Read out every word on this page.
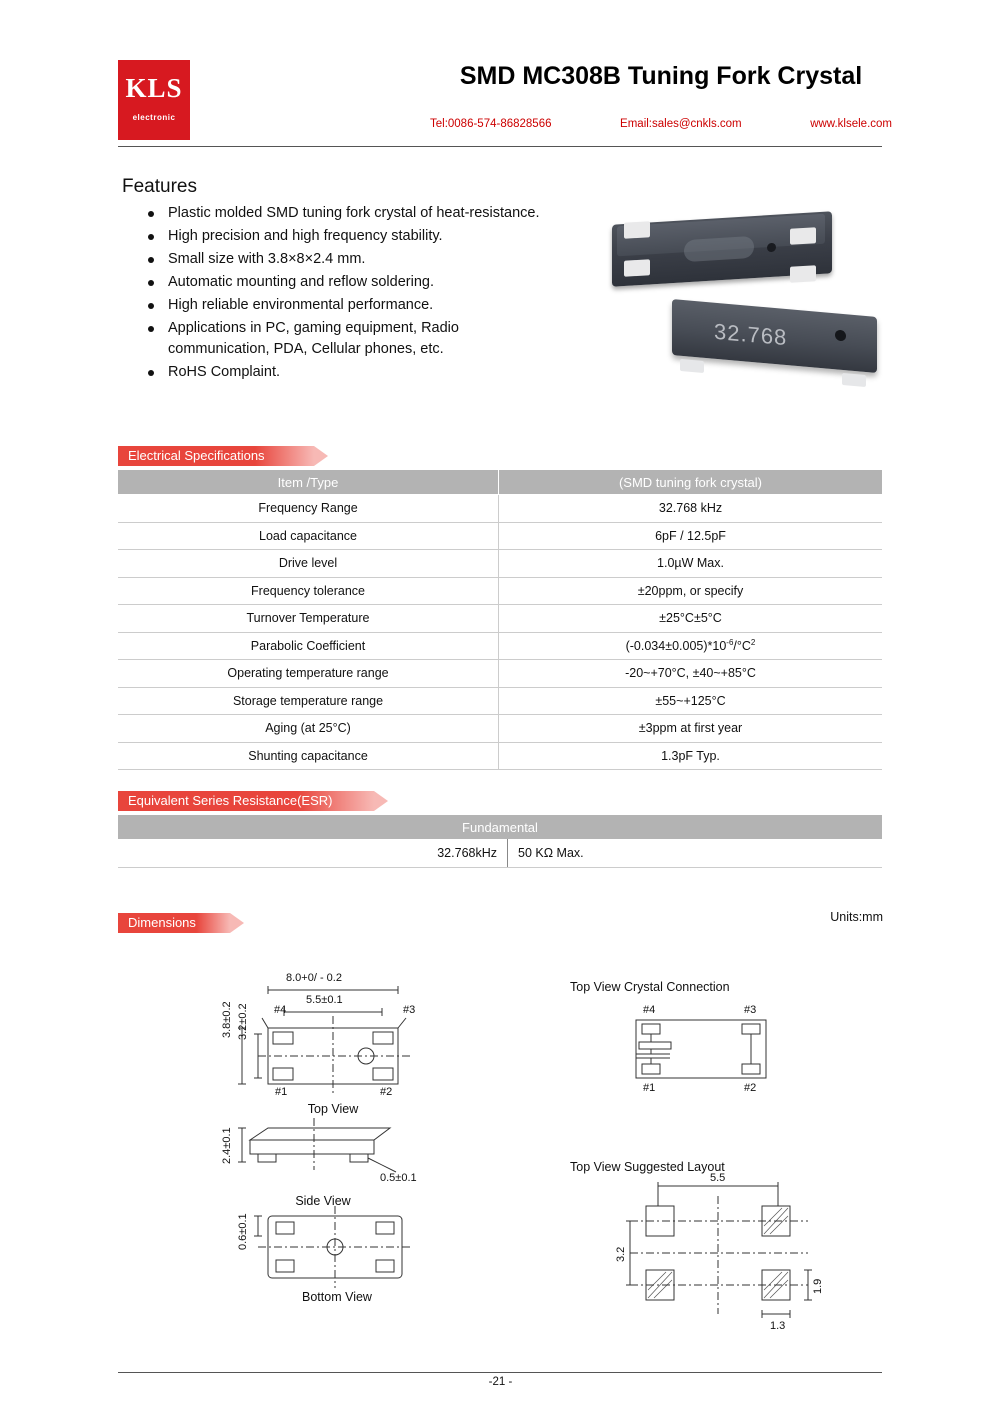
KLS
electronic
SMD MC308B Tuning Fork Crystal
Tel:0086-574-86828566	Email:sales@cnkls.com	www.klsele.com
Features
Plastic molded SMD tuning fork crystal of heat-resistance.
High precision and high frequency stability.
Small size with 3.8×8×2.4 mm.
Automatic mounting and reflow soldering.
High reliable environmental performance.
Applications in PC, gaming equipment, Radio communication, PDA, Cellular phones, etc.
RoHS Complaint.
32.768
Electrical Specifications
Item /Type	(SMD tuning fork crystal)
Frequency Range	32.768 kHz
Load capacitance	6pF / 12.5pF
Drive level	1.0µW Max.
Frequency tolerance	±20ppm, or specify
Turnover Temperature	±25°C±5°C
Parabolic Coefficient	$(-0.034\pm 0.005)*10^{-6}/^\circ C^2$
Operating temperature range	-20~+70°C, ±40~+85°C
Storage temperature range	±55~+125°C
Aging (at 25°C)	±3ppm at first year
Shunting capacitance	1.3pF Typ.
Equivalent Series Resistance(ESR)
Fundamental
32.768kHz	50 KΩ Max.
Dimensions	Units:mm
8.0+0/ - 0.2
5.5±0.1
3.8±0.2 3.2±0.2 #4	#3
#1	#2
Top View
2.4±0.1
0.5±0.1
Side View
0.6±0.1
Bottom View
Top View Crystal Connection
#4	#3
#1	#2
Top View Suggested Layout
5.5
3.2
1.9
1.3
-21 -
